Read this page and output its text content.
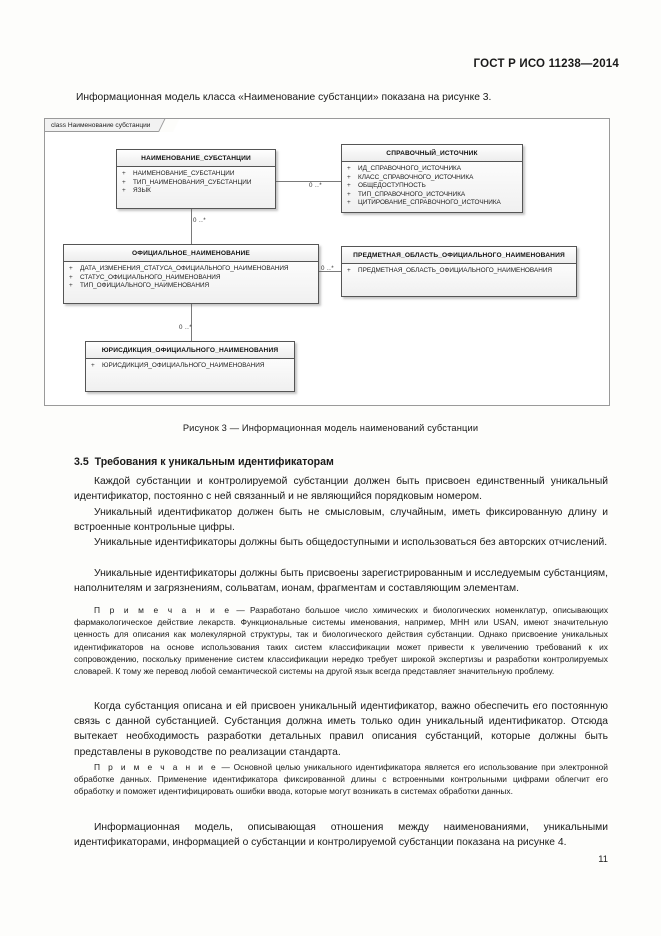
ГОСТ Р ИСО 11238—2014
Информационная модель класса «Наименование субстанции» показана на рисунке 3.
class Наименование субстанции
0 ..*
0 ..*
0 ..*
0 ..*
НАИМЕНОВАНИЕ_СУБСТАНЦИИ
+ НАИМЕНОВАНИЕ_СУБСТАНЦИИ
+ ТИП_НАИМЕНОВАНИЯ_СУБСТАНЦИИ
+ ЯЗЫК
СПРАВОЧНЫЙ_ИСТОЧНИК
+ ИД_СПРАВОЧНОГО_ИСТОЧНИКА
+ КЛАСС_СПРАВОЧНОГО_ИСТОЧНИКА
+ ОБЩЕДОСТУПНОСТЬ
+ ТИП_СПРАВОЧНОГО_ИСТОЧНИКА
+ ЦИТИРОВАНИЕ_СПРАВОЧНОГО_ИСТОЧНИКА
ОФИЦИАЛЬНОЕ_НАИМЕНОВАНИЕ
+ ДАТА_ИЗМЕНЕНИЯ_СТАТУСА_ОФИЦИАЛЬНОГО_НАИМЕНОВАНИЯ
+ СТАТУС_ОФИЦИАЛЬНОГО_НАИМЕНОВАНИЯ
+ ТИП_ОФИЦИАЛЬНОГО_НАИМЕНОВАНИЯ
ПРЕДМЕТНАЯ_ОБЛАСТЬ_ОФИЦИАЛЬНОГО_НАИМЕНОВАНИЯ
+ ПРЕДМЕТНАЯ_ОБЛАСТЬ_ОФИЦИАЛЬНОГО_НАИМЕНОВАНИЯ
ЮРИСДИКЦИЯ_ОФИЦИАЛЬНОГО_НАИМЕНОВАНИЯ
+ ЮРИСДИКЦИЯ_ОФИЦИАЛЬНОГО_НАИМЕНОВАНИЯ
Рисунок 3 — Информационная модель наименований субстанции
3.5 Требования к уникальным идентификаторам

Каждой субстанции и контролируемой субстанции должен быть присвоен единственный уникальный идентификатор, постоянно с ней связанный и не являющийся порядковым номером.

Уникальный идентификатор должен быть не смысловым, случайным, иметь фиксированную длину и встроенные контрольные цифры.

Уникальные идентификаторы должны быть общедоступными и использоваться без авторских отчислений.

Уникальные идентификаторы должны быть присвоены зарегистрированным и исследуемым субстанциям, наполнителям и загрязнениям, сольватам, ионам, фрагментам и составляющим элементам.

П р и м е ч а н и е — Разработано большое число химических и биологических номенклатур, описывающих фармакологическое действие лекарств. Функциональные системы именования, например, МНН или USAN, имеют значительную ценность для описания как молекулярной структуры, так и биологического действия субстанции. Однако присвоение уникальных идентификаторов на основе использования таких систем классификации может привести к увеличению требований к их сопровождению, поскольку применение систем классификации нередко требует широкой экспертизы и разработки контролируемых словарей. К тому же перевод любой семантической системы на другой язык всегда представляет значительную проблему.

Когда субстанция описана и ей присвоен уникальный идентификатор, важно обеспечить его постоянную связь с данной субстанцией. Субстанция должна иметь только один уникальный идентификатор. Отсюда вытекает необходимость разработки детальных правил описания субстанций, которые должны быть представлены в руководстве по реализации стандарта.

П р и м е ч а н и е — Основной целью уникального идентификатора является его использование при электронной обработке данных. Применение идентификатора фиксированной длины с встроенными контрольными цифрами облегчит его обработку и поможет идентифицировать ошибки ввода, которые могут возникать в системах обработки данных.

Информационная модель, описывающая отношения между наименованиями, уникальными идентификаторами, информацией о субстанции и контролируемой субстанции показана на рисунке 4.

11
